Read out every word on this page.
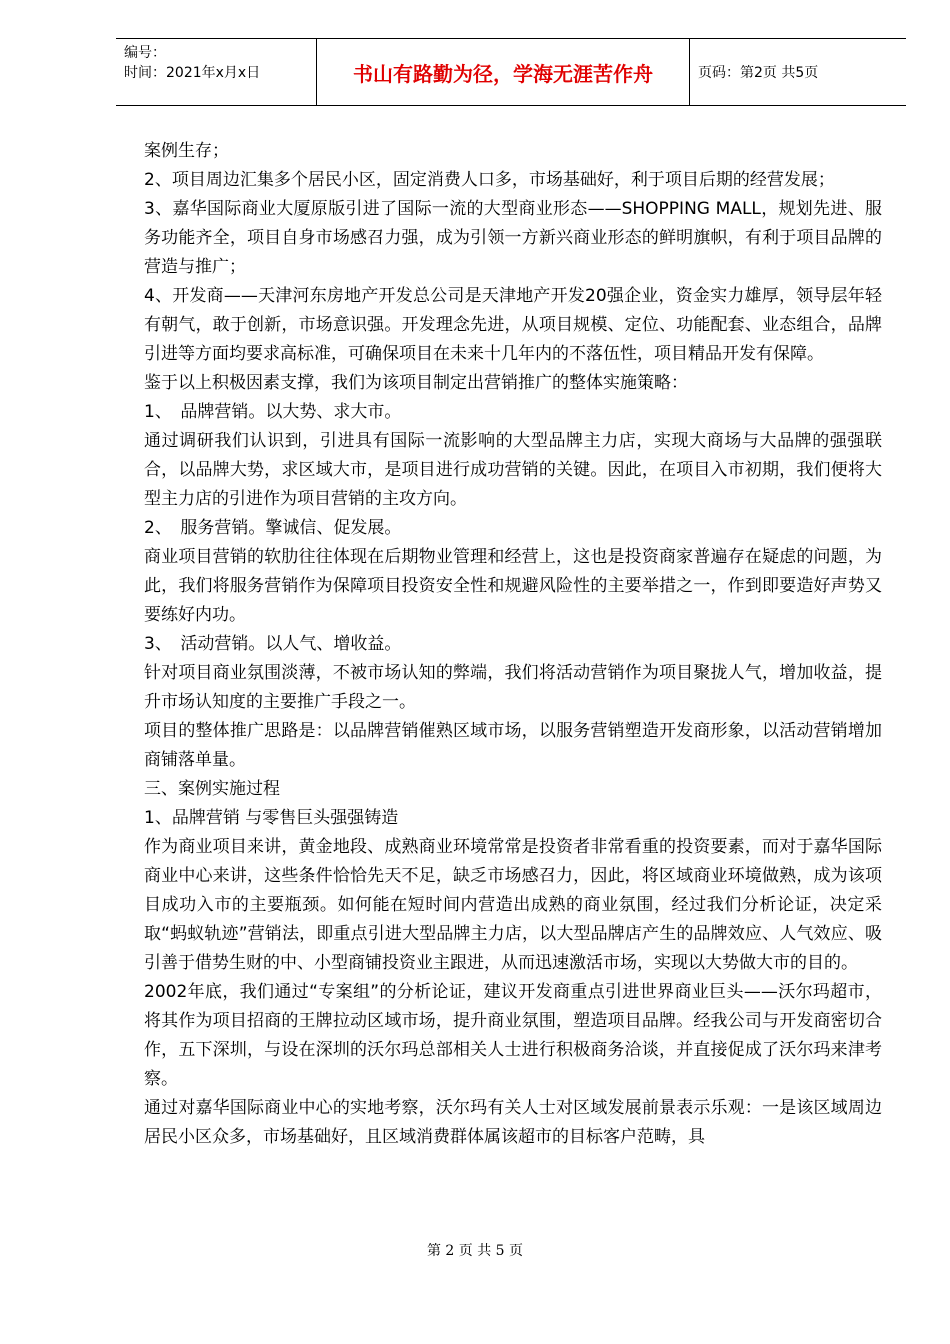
编号：
时间：2021年x月x日	书山有路勤为径，学海无涯苦作舟	页码：第2页 共5页

案例生存；

2、项目周边汇集多个居民小区，固定消费人口多，市场基础好，利于项目后期的经营发展；

3、嘉华国际商业大厦原版引进了国际一流的大型商业形态——SHOPPING MALL，规划先进、服务功能齐全，项目自身市场感召力强，成为引领一方新兴商业形态的鲜明旗帜，有利于项目品牌的营造与推广；

4、开发商——天津河东房地产开发总公司是天津地产开发20强企业，资金实力雄厚，领导层年轻有朝气，敢于创新，市场意识强。开发理念先进，从项目规模、定位、功能配套、业态组合，品牌引进等方面均要求高标准，可确保项目在未来十几年内的不落伍性，项目精品开发有保障。

鉴于以上积极因素支撑，我们为该项目制定出营销推广的整体实施策略：

1、　品牌营销。以大势、求大市。

通过调研我们认识到，引进具有国际一流影响的大型品牌主力店，实现大商场与大品牌的强强联合，以品牌大势，求区域大市，是项目进行成功营销的关键。因此，在项目入市初期，我们便将大型主力店的引进作为项目营销的主攻方向。

2、　服务营销。擎诚信、促发展。

商业项目营销的软肋往往体现在后期物业管理和经营上，这也是投资商家普遍存在疑虑的问题，为此，我们将服务营销作为保障项目投资安全性和规避风险性的主要举措之一，作到即要造好声势又要练好内功。

3、　活动营销。以人气、增收益。

针对项目商业氛围淡薄，不被市场认知的弊端，我们将活动营销作为项目聚拢人气，增加收益，提升市场认知度的主要推广手段之一。

项目的整体推广思路是：以品牌营销催熟区域市场，以服务营销塑造开发商形象，以活动营销增加商铺落单量。

三、案例实施过程

1、品牌营销 与零售巨头强强铸造

作为商业项目来讲，黄金地段、成熟商业环境常常是投资者非常看重的投资要素，而对于嘉华国际商业中心来讲，这些条件恰恰先天不足，缺乏市场感召力，因此，将区域商业环境做熟，成为该项目成功入市的主要瓶颈。如何能在短时间内营造出成熟的商业氛围，经过我们分析论证，决定采取“蚂蚁轨迹”营销法，即重点引进大型品牌主力店，以大型品牌店产生的品牌效应、人气效应、吸引善于借势生财的中、小型商铺投资业主跟进，从而迅速激活市场，实现以大势做大市的目的。

2002年底，我们通过“专案组”的分析论证，建议开发商重点引进世界商业巨头——沃尔玛超市，将其作为项目招商的王牌拉动区域市场，提升商业氛围，塑造项目品牌。经我公司与开发商密切合作，五下深圳，与设在深圳的沃尔玛总部相关人士进行积极商务洽谈，并直接促成了沃尔玛来津考察。

通过对嘉华国际商业中心的实地考察，沃尔玛有关人士对区域发展前景表示乐观：一是该区域周边居民小区众多，市场基础好，且区域消费群体属该超市的目标客户范畴，具

第 2 页 共 5 页
